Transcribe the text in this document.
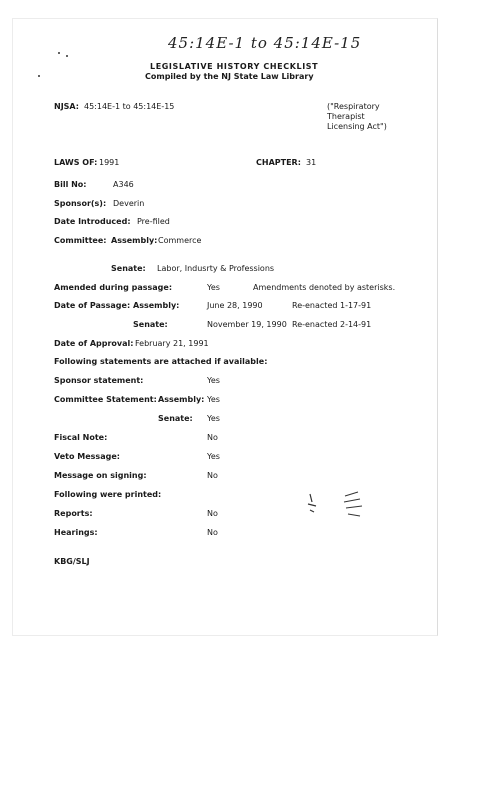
45:14E-1 to 45:14E-15
LEGISLATIVE HISTORY CHECKLIST
Compiled by the NJ State Law Library
NJSA: 45:14E-1 to 45:14E-15	("Respiratory
Therapist
Licensing Act")
LAWS OF: 1991	CHAPTER: 31
Bill No:	A346
Sponsor(s): Deverin
Date Introduced: Pre-filed
Committee: Assembly: Commerce
Senate: Labor, Indusrty & Professions
Amended during passage:	Yes	Amendments denoted by asterisks.
Date of Passage: Assembly:	June 28, 1990	Re-enacted 1-17-91
Senate:	November 19, 1990 Re-enacted 2-14-91
Date of Approval: February 21, 1991
Following statements are attached if available:
Sponsor statement:	Yes
Committee Statement: Assembly: Yes
Senate: Yes
Fiscal Note:	No
Veto Message:	Yes
Message on signing:	No
Following were printed:
Reports:	No
Hearings:	No
KBG/SLJ
